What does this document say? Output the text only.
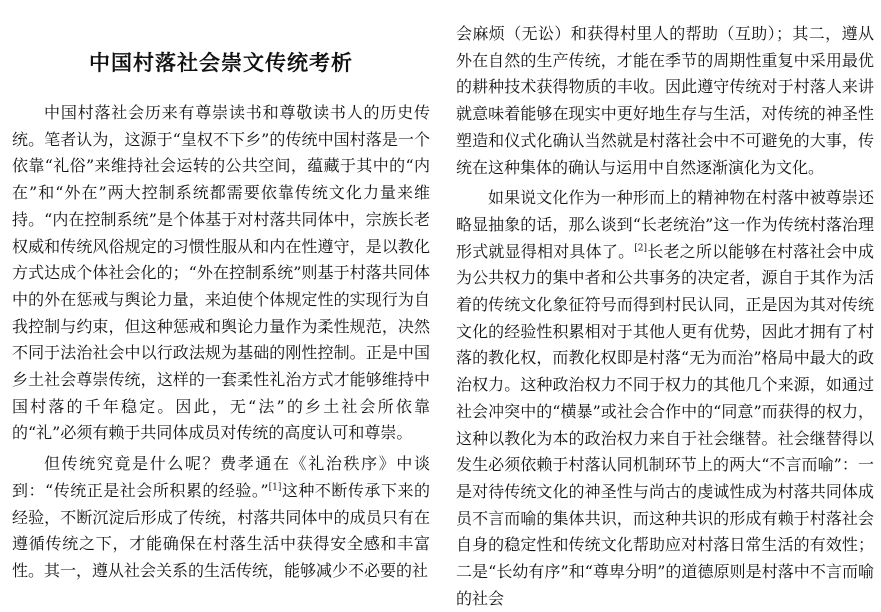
中国村落社会崇文传统考析

中国村落社会历来有尊崇读书和尊敬读书人的历史传统。笔者认为，这源于“皇权不下乡”的传统中国村落是一个依靠“礼俗”来维持社会运转的公共空间，蕴藏于其中的“内在”和“外在”两大控制系统都需要依靠传统文化力量来维持。“内在控制系统”是个体基于对村落共同体中，宗族长老权威和传统风俗规定的习惯性服从和内在性遵守，是以教化方式达成个体社会化的；“外在控制系统”则基于村落共同体中的外在惩戒与舆论力量，来迫使个体规定性的实现行为自我控制与约束，但这种惩戒和舆论力量作为柔性规范，决然不同于法治社会中以行政法规为基础的刚性控制。正是中国乡土社会尊崇传统，这样的一套柔性礼治方式才能够维持中国村落的千年稳定。因此，无“法”的乡土社会所依靠的“礼”必须有赖于共同体成员对传统的高度认可和尊崇。

但传统究竟是什么呢？费孝通在《礼治秩序》中谈到：“传统正是社会所积累的经验。”[1]这种不断传承下来的经验，不断沉淀后形成了传统，村落共同体中的成员只有在遵循传统之下，才能确保在村落生活中获得安全感和丰富性。其一，遵从社会关系的生活传统，能够减少不必要的社

会麻烦（无讼）和获得村里人的帮助（互助）；其二，遵从外在自然的生产传统，才能在季节的周期性重复中采用最优的耕种技术获得物质的丰收。因此遵守传统对于村落人来讲就意味着能够在现实中更好地生存与生活，对传统的神圣性塑造和仪式化确认当然就是村落社会中不可避免的大事，传统在这种集体的确认与运用中自然逐渐演化为文化。

如果说文化作为一种形而上的精神物在村落中被尊崇还略显抽象的话，那么谈到“长老统治”这一作为传统村落治理形式就显得相对具体了。[2]长老之所以能够在村落社会中成为公共权力的集中者和公共事务的决定者，源自于其作为活着的传统文化象征符号而得到村民认同，正是因为其对传统文化的经验性积累相对于其他人更有优势，因此才拥有了村落的教化权，而教化权即是村落“无为而治”格局中最大的政治权力。这种政治权力不同于权力的其他几个来源，如通过社会冲突中的“横暴”或社会合作中的“同意”而获得的权力，这种以教化为本的政治权力来自于社会继替。社会继替得以发生必须依赖于村落认同机制环节上的两大“不言而喻”：一是对待传统文化的神圣性与尚古的虔诚性成为村落共同体成员不言而喻的集体共识，而这种共识的形成有赖于村落社会自身的稳定性和传统文化帮助应对村落日常生活的有效性；二是“长幼有序”和“尊卑分明”的道德原则是村落中不言而喻的社会
